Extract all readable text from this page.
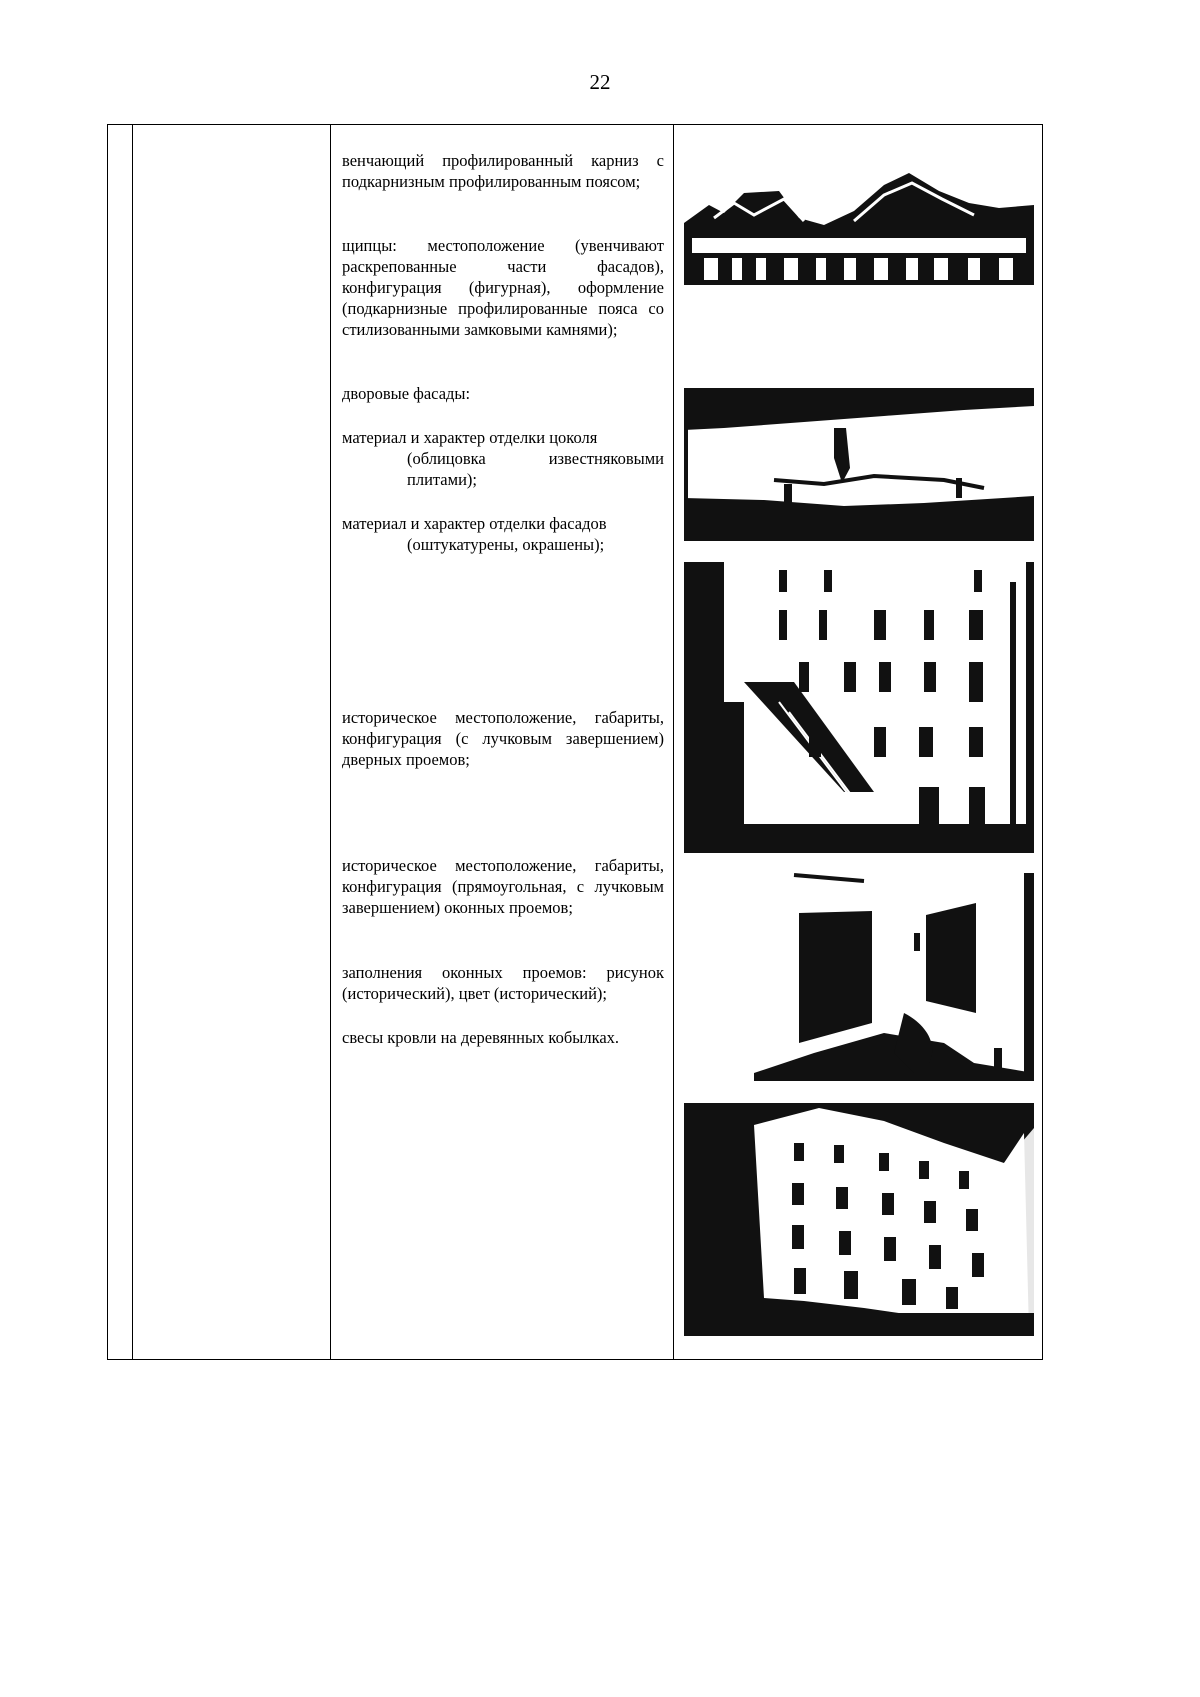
22

венчающий профилированный карниз с подкарнизным профилированным поясом;

щипцы: местоположение (увенчивают раскрепованные части фасадов), конфигурация (фигурная), оформление (подкарнизные профилированные пояса со стилизованными замковыми камнями);

дворовые фасады:

материал и характер отделки цоколя

(облицовка известняковыми плитами);

материал и характер отделки фасадов

(оштукатурены, окрашены);

историческое местоположение, габариты, конфигурация (с лучковым завершением) дверных проемов;

историческое местоположение, габариты, конфигурация (прямоугольная, с лучковым завершением) оконных проемов;

заполнения оконных проемов: рисунок (исторический), цвет (исторический);

свесы кровли на деревянных кобылках.
